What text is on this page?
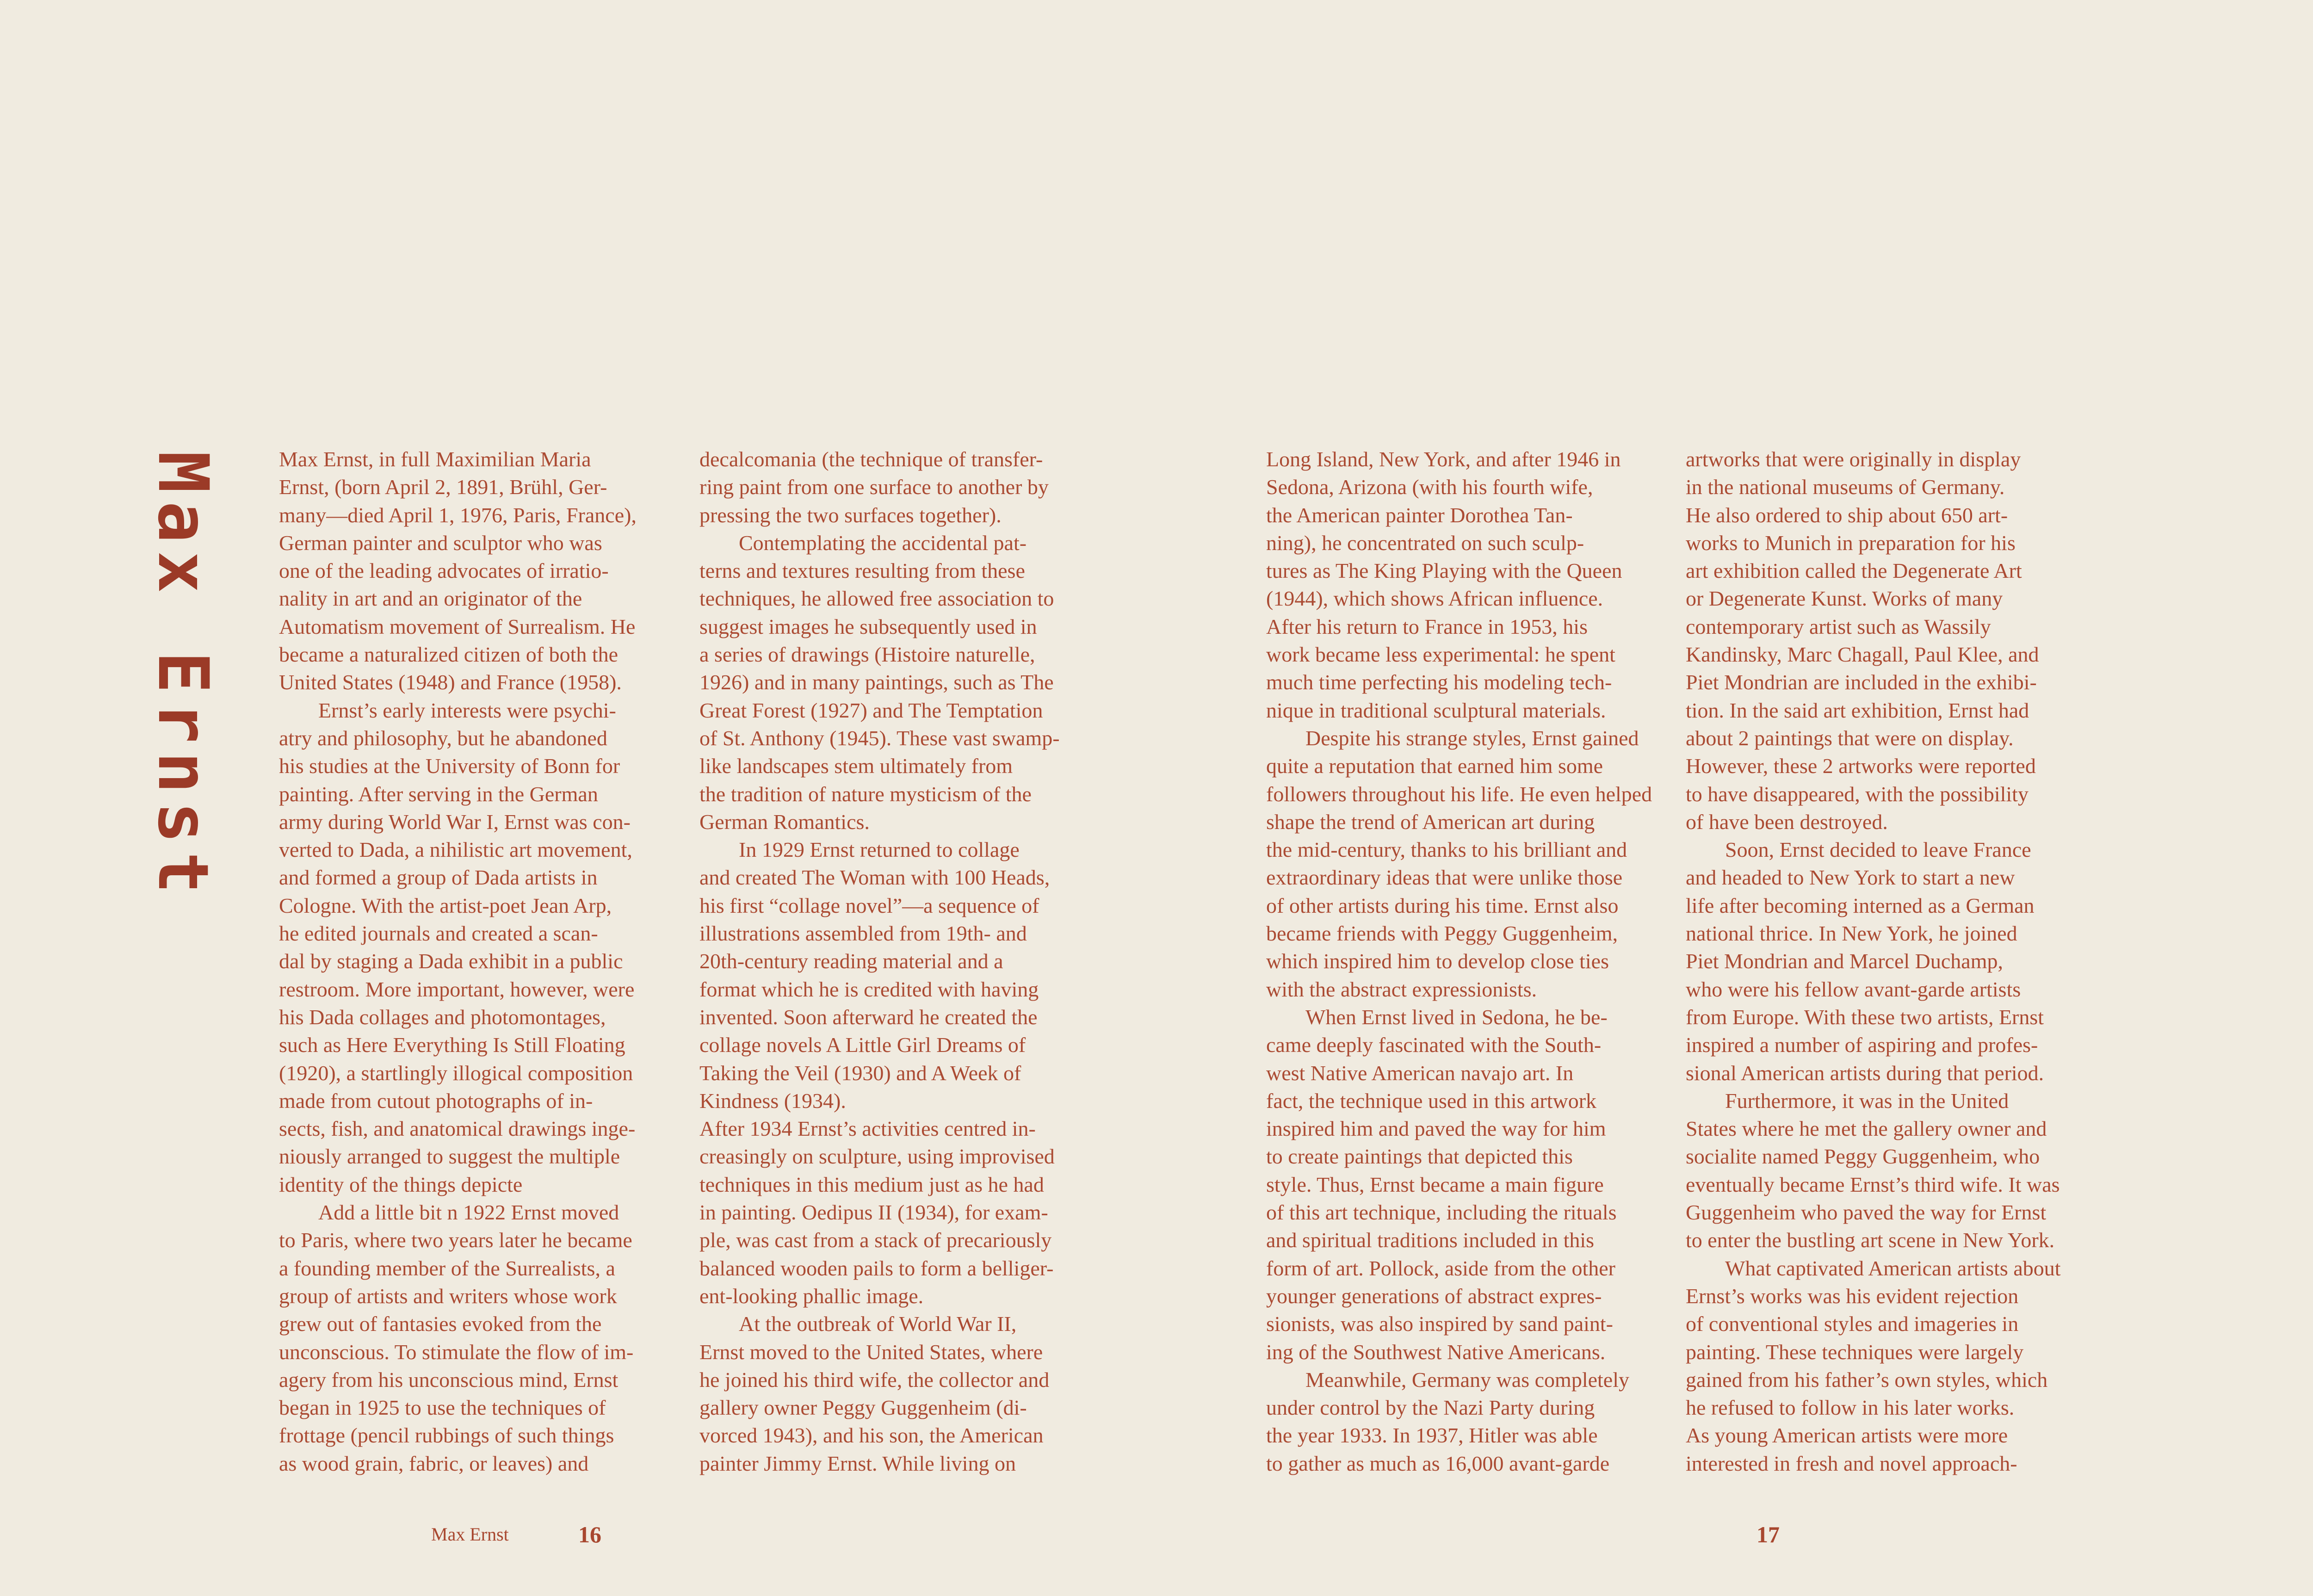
Max Ernst	Max Ernst, in full Maximilian Maria

Ernst, (born April 2, 1891, Brühl, Ger-

many—died April 1, 1976, Paris, France),

German painter and sculptor who was

one of the leading advocates of irratio-

nality in art and an originator of the

Automatism movement of Surrealism. He

became a naturalized citizen of both the

United States (1948) and France (1958).

Ernst’s early interests were psychi-

atry and philosophy, but he abandoned

his studies at the University of Bonn for

painting. After serving in the German

army during World War I, Ernst was con-

verted to Dada, a nihilistic art movement,

and formed a group of Dada artists in

Cologne. With the artist-poet Jean Arp,

he edited journals and created a scan-

dal by staging a Dada exhibit in a public

restroom. More important, however, were

his Dada collages and photomontages,

such as Here Everything Is Still Floating

(1920), a startlingly illogical composition

made from cutout photographs of in-

sects, fish, and anatomical drawings inge-

niously arranged to suggest the multiple

identity of the things depicte

Add a little bit n 1922 Ernst moved

to Paris, where two years later he became

a founding member of the Surrealists, a

group of artists and writers whose work

grew out of fantasies evoked from the

unconscious. To stimulate the flow of im-

agery from his unconscious mind, Ernst

began in 1925 to use the techniques of

frottage (pencil rubbings of such things

as wood grain, fabric, or leaves) and

decalcomania (the technique of transfer-

ring paint from one surface to another by

pressing the two surfaces together).

Contemplating the accidental pat-

terns and textures resulting from these

techniques, he allowed free association to

suggest images he subsequently used in

a series of drawings (Histoire naturelle,

1926) and in many paintings, such as The

Great Forest (1927) and The Temptation

of St. Anthony (1945). These vast swamp-

like landscapes stem ultimately from

the tradition of nature mysticism of the

German Romantics.

In 1929 Ernst returned to collage

and created The Woman with 100 Heads,

his first “collage novel”—a sequence of

illustrations assembled from 19th- and

20th-century reading material and a

format which he is credited with having

invented. Soon afterward he created the

collage novels A Little Girl Dreams of

Taking the Veil (1930) and A Week of

Kindness (1934).

After 1934 Ernst’s activities centred in-

creasingly on sculpture, using improvised

techniques in this medium just as he had

in painting. Oedipus II (1934), for exam-

ple, was cast from a stack of precariously

balanced wooden pails to form a belliger-

ent-looking phallic image.

At the outbreak of World War II,

Ernst moved to the United States, where

he joined his third wife, the collector and

gallery owner Peggy Guggenheim (di-

vorced 1943), and his son, the American

painter Jimmy Ernst. While living on

Long Island, New York, and after 1946 in

Sedona, Arizona (with his fourth wife,

the American painter Dorothea Tan-

ning), he concentrated on such sculp-

tures as The King Playing with the Queen

(1944), which shows African influence.

After his return to France in 1953, his

work became less experimental: he spent

much time perfecting his modeling tech-

nique in traditional sculptural materials.

Despite his strange styles, Ernst gained

quite a reputation that earned him some

followers throughout his life. He even helped

shape the trend of American art during

the mid-century, thanks to his brilliant and

extraordinary ideas that were unlike those

of other artists during his time. Ernst also

became friends with Peggy Guggenheim,

which inspired him to develop close ties

with the abstract expressionists.

When Ernst lived in Sedona, he be-

came deeply fascinated with the South-

west Native American navajo art. In

fact, the technique used in this artwork

inspired him and paved the way for him

to create paintings that depicted this

style. Thus, Ernst became a main figure

of this art technique, including the rituals

and spiritual traditions included in this

form of art. Pollock, aside from the other

younger generations of abstract expres-

sionists, was also inspired by sand paint-

ing of the Southwest Native Americans.

Meanwhile, Germany was completely

under control by the Nazi Party during

the year 1933. In 1937, Hitler was able

to gather as much as 16,000 avant-garde

artworks that were originally in display

in the national museums of Germany.

He also ordered to ship about 650 art-

works to Munich in preparation for his

art exhibition called the Degenerate Art

or Degenerate Kunst. Works of many

contemporary artist such as Wassily

Kandinsky, Marc Chagall, Paul Klee, and

Piet Mondrian are included in the exhibi-

tion. In the said art exhibition, Ernst had

about 2 paintings that were on display.

However, these 2 artworks were reported

to have disappeared, with the possibility

of have been destroyed.

Soon, Ernst decided to leave France

and headed to New York to start a new

life after becoming interned as a German

national thrice. In New York, he joined

Piet Mondrian and Marcel Duchamp,

who were his fellow avant-garde artists

from Europe. With these two artists, Ernst

inspired a number of aspiring and profes-

sional American artists during that period.

Furthermore, it was in the United

States where he met the gallery owner and

socialite named Peggy Guggenheim, who

eventually became Ernst’s third wife. It was

Guggenheim who paved the way for Ernst

to enter the bustling art scene in New York.

What captivated American artists about

Ernst’s works was his evident rejection

of conventional styles and imageries in

painting. These techniques were largely

gained from his father’s own styles, which

he refused to follow in his later works.

As young American artists were more

interested in fresh and novel approach-

Max Ernst	16	17
